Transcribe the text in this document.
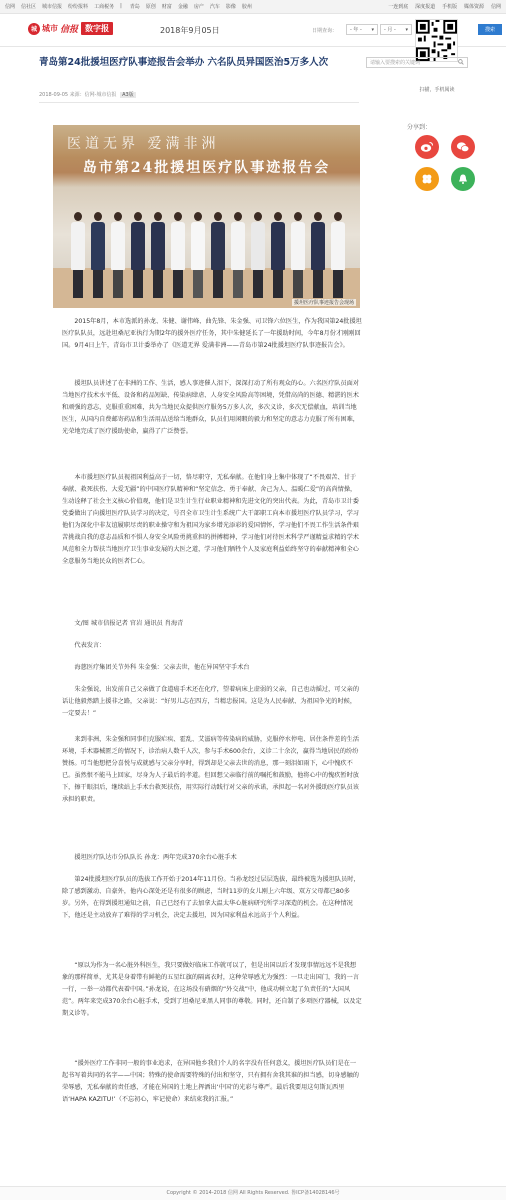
信网 信社区 城市信报 纷纷报料 工商税务 | 青岛 原创 财富 金融 房产 汽车 影像 胶州	一连到底 深度报道 手机版 媒体资源 信网
城 城市 信报 数字报	2018年9月05日	日期查询：	- 年 - ▾ - 月 - ▾	搜索
扫描，手机阅读
请输入要搜索的关键词
青岛第24批援坦医疗队事迹报告会举办 六名队员异国医治5万多人次
2018-09-05 来源：信网-城市信报 A3版
分享到：
医道无界 爱满非洲
岛市第24批援坦医疗队事迹报告会
援坦医疗队事迹报告会现场
2015年8月，本市选派的孙龙、朱健、谢伟峰、曲先锋、朱金强、司卫锋六位医生，作为我国第24批援坦医疗队队员，远赴坦桑尼亚执行为期2年的援外医疗任务，其中朱健延长了一年援助时间，今年8月份才刚刚回国。9月4日上午，青岛市卫计委举办了《医道无界 爱满非洲——青岛市第24批援坦医疗队事迹报告会》。
援坦队员讲述了在非洲的工作、生活，感人事迹催人泪下，深深打动了所有观众的心。六名医疗队员面对当地医疗技术水平低、设备和药品短缺、传染病肆虐、人身安全风险高等困境，凭借高尚的医德、精湛的医术和顽强的意志，克服重重困难，共为当地民众提供医疗服务5万多人次，多次义诊，多次无偿献血，培训当地医生，从国内自费邮寄药品和生活用品送给当地群众，队员们用闲暇的毅力和坚定的意志力克服了所有困难，光荣地完成了医疗援助使命，赢得了广泛赞誉。
本市援坦医疗队员视祖国利益高于一切，恪尽职守，无私奉献。在他们身上集中体现了“不畏艰苦、甘于奉献、救死扶伤、大爱无疆”的中国医疗队精神和“坚定信念、勇于奉献、舍己为人、温暖仁爱”的高尚情操，生动诠释了社会主义核心价值观，他们是卫生计生行业职业精神和先进文化的突出代表。为此，青岛市卫计委党委做出了向援坦医疗队员学习的决定，号召全市卫生计生系统广大干部职工向本市援坦医疗队员学习，学习他们为深化中非友谊履职尽责的职业操守和为祖国为家乡增光添彩的爱国情怀，学习他们不畏工作生活条件艰苦挑战自我的意志品质和不惧人身安全风险勇挑重担的拼搏精神，学习他们对待医术科学严谨精益求精的学术风范和全力帮扶当地医疗卫生事业发展的大医之道，学习他们牺牲个人及家庭利益始终坚守的奉献精神和全心全意服务当地民众的医者仁心。
文/图 城市信报记者 官岩 通讯员 肖海青
代表发言：
海慈医疗集团关节外科 朱金强：父亲去世，他在异国坚守手术台
朱金强说，出发前自己父亲做了食道癌手术还在化疗，望着病床上虚弱的父亲，自己也动摇过，可父亲的话让他毅然踏上援非之路，父亲说：“好男儿志在四方，当精忠报国。这是为人民奉献、为祖国争光的时候，一定要去！”
来到非洲，朱金强和同事们克服疟疾、霍乱、艾滋病等传染病的威胁，克服停水停电、居住条件差的生活环境，手术器械匮乏的情况下，诊治病人数千人次，参与手术600余台，义诊二十余次，赢得当地居民的纷纷赞扬。可当他想把分喜悦与成就感与父亲分享时，得到却是父亲去世的消息，那一刻泪如雨下，心中愧疚不已。虽然恨不能马上回家，尽身为人子最后的孝道。但回想父亲临行前的嘱托和鼓励，他将心中的愧疚暂时放下，擦干眼泪后，继续站上手术台救死扶伤，用实际行动践行对父亲的承诺，承担起一名对外援助医疗队员该承担的职责。
援坦医疗队达市分队队长 孙龙：两年完成370余台心脏手术
第24批援坦医疗队员的选拔工作开始于2014年11月份。当孙龙经过层层选拔，最终被选为援坦队员时，除了感到激动、自豪外，他内心深处还是有很多的顾虑，当时11岁的女儿刚上六年级、双方父母都已80多岁。另外，在得到援坦通知之前，自己已经有了去加拿大温太华心脏病研究所学习深造的机会。在这种情况下，他还是主动放弃了难得的学习机会，决定去援坦，因为国家利益永远高于个人利益。
“原以为作为一名心脏外科医生，我只要做好临床工作就可以了，但是出国以后才发现事情远远不是我想象的那样简单，尤其是身着带有鲜艳的五星红旗的隔离衣时，这种荣辱感尤为强烈：一旦走出国门，我的一言一行，一举一动都代表着中国。”孙龙说，在这场没有硝烟的“外交战”中，他成功树立起了负责任的“大国风范”。两年来完成370余台心脏手术，受到了坦桑尼亚黑人同事的尊敬。同时，还自制了多项医疗器械，以及定期义诊等。
“援外医疗工作非同一般的事业追求，在异国他乡我们个人的名字没有任何意义，援坦医疗队员们是在一起书写着共同的名字——中国；特殊的使命需要特殊的付出和坚守，只有拥有舍我其谁的担当感，切身感触的荣辱感，无私奉献的责任感，才能在异国的土地上挥洒出‘中国’的光彩与尊严。最后我要用这句斯瓦西里语‘HAPA KAZITU!’（不忘初心，牢记使命）来结束我的汇报。”
Copyright © 2014-2018 信网 All Rights Reserved. 鲁ICP备14028146号
